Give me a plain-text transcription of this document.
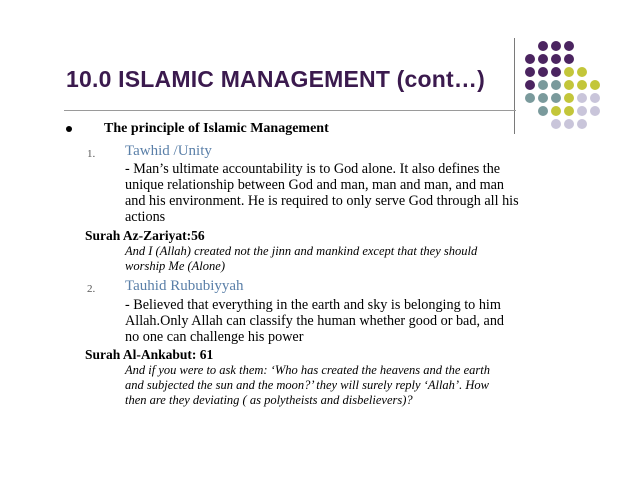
10.0 ISLAMIC MANAGEMENT (cont…)
The principle of Islamic Management
1. Tawhid /Unity
- Man’s ultimate accountability is to God alone. It also defines the
unique relationship between God and man, man and man, and man
and his environment. He is required to only serve God through all his
actions
Surah Az-Zariyat:56
And I (Allah) created not the jinn and mankind except that they should
worship Me (Alone)
2. Tauhid Rububiyyah
- Believed that everything in the earth and sky is belonging to him
Allah.Only Allah can classify the human whether good or bad, and
no one can challenge his power
Surah Al-Ankabut: 61
And if you were to ask them: ‘Who has created the heavens and the earth
and subjected the sun and the moon?’ they will surely reply ‘Allah’. How
then are they deviating ( as polytheists and disbelievers)?
